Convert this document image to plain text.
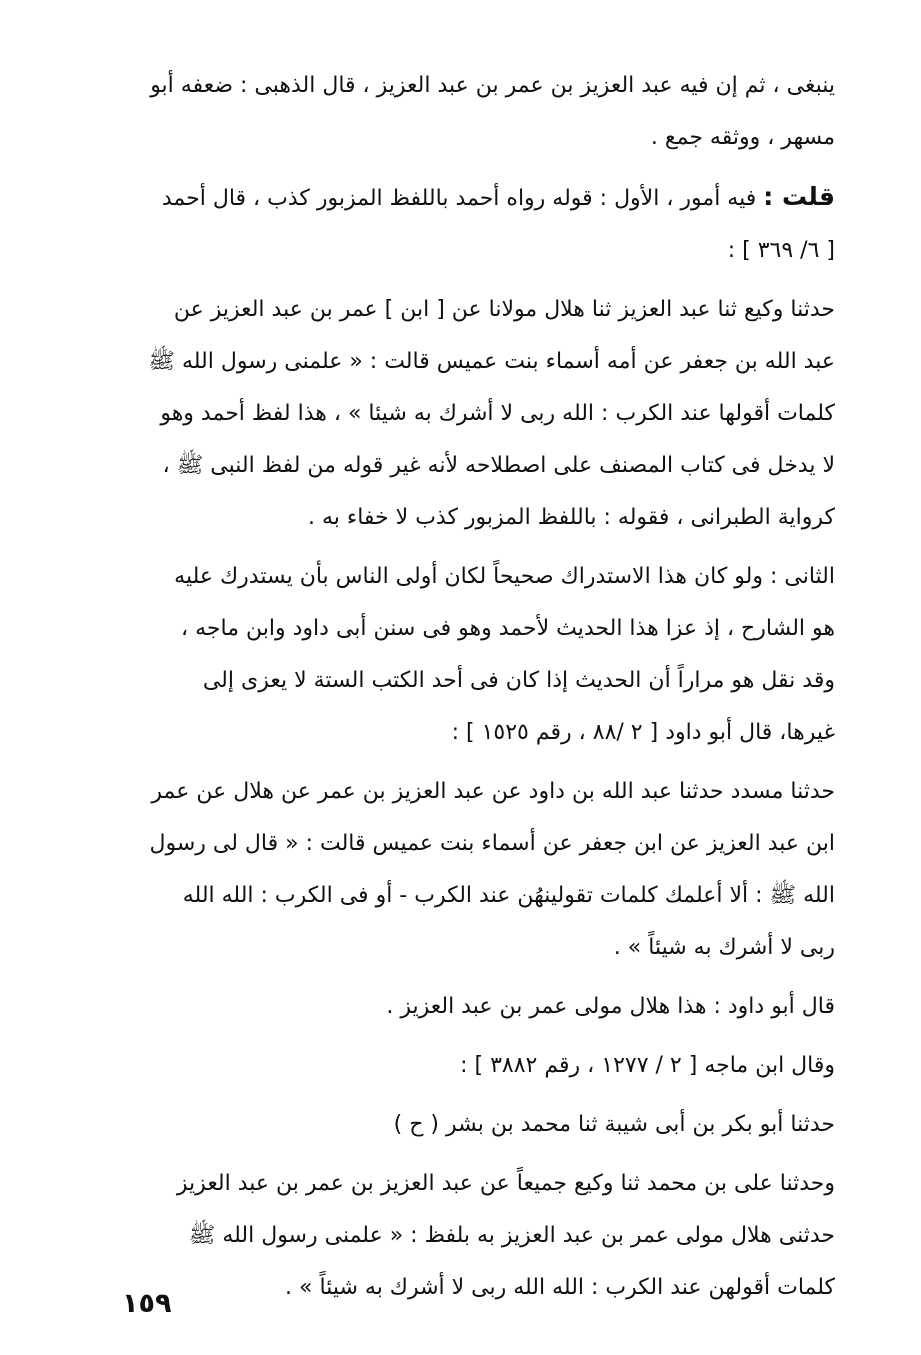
ينبغى ، ثم إن فيه عبد العزيز بن عمر بن عبد العزيز ، قال الذهبى : ضعفه أبو
مسهر ، ووثقه جمع .

قلت : فيه أمور ، الأول : قوله رواه أحمد باللفظ المزبور كذب ، قال أحمد
[ ٦/ ٣٦٩ ] :

حدثنا وكيع ثنا عبد العزيز ثنا هلال مولانا عن [ ابن ] عمر بن عبد العزيز عن
عبد الله بن جعفر عن أمه أسماء بنت عميس قالت : « علمنى رسول الله ﷺ
كلمات أقولها عند الكرب : الله ربى لا أشرك به شيئا » ، هذا لفظ أحمد وهو
لا يدخل فى كتاب المصنف على اصطلاحه لأنه غير قوله من لفظ النبى ﷺ ،
كرواية الطبرانى ، فقوله : باللفظ المزبور كذب لا خفاء به .

الثانى : ولو كان هذا الاستدراك صحيحاً لكان أولى الناس بأن يستدرك عليه
هو الشارح ، إذ عزا هذا الحديث لأحمد وهو فى سنن أبى داود وابن ماجه ،
وقد نقل هو مراراً أن الحديث إذا كان فى أحد الكتب الستة لا يعزى إلى
غيرها، قال أبو داود [ ٢ /٨٨ ، رقم ١٥٢٥ ] :

حدثنا مسدد حدثنا عبد الله بن داود عن عبد العزيز بن عمر عن هلال عن عمر
ابن عبد العزيز عن ابن جعفر عن أسماء بنت عميس قالت : « قال لى رسول
الله ﷺ : ألا أعلمك كلمات تقولينهُن عند الكرب - أو فى الكرب : الله الله
ربى لا أشرك به شيئاً » .

قال أبو داود : هذا هلال مولى عمر بن عبد العزيز .

وقال ابن ماجه [ ٢ / ١٢٧٧ ، رقم ٣٨٨٢ ] :

حدثنا أبو بكر بن أبى شيبة ثنا محمد بن بشر ( ح )

وحدثنا على بن محمد ثنا وكيع جميعاً عن عبد العزيز بن عمر بن عبد العزيز
حدثنى هلال مولى عمر بن عبد العزيز به بلفظ : « علمنى رسول الله ﷺ
كلمات أقولهن عند الكرب : الله الله ربى لا أشرك به شيئاً » .

١٥٩
